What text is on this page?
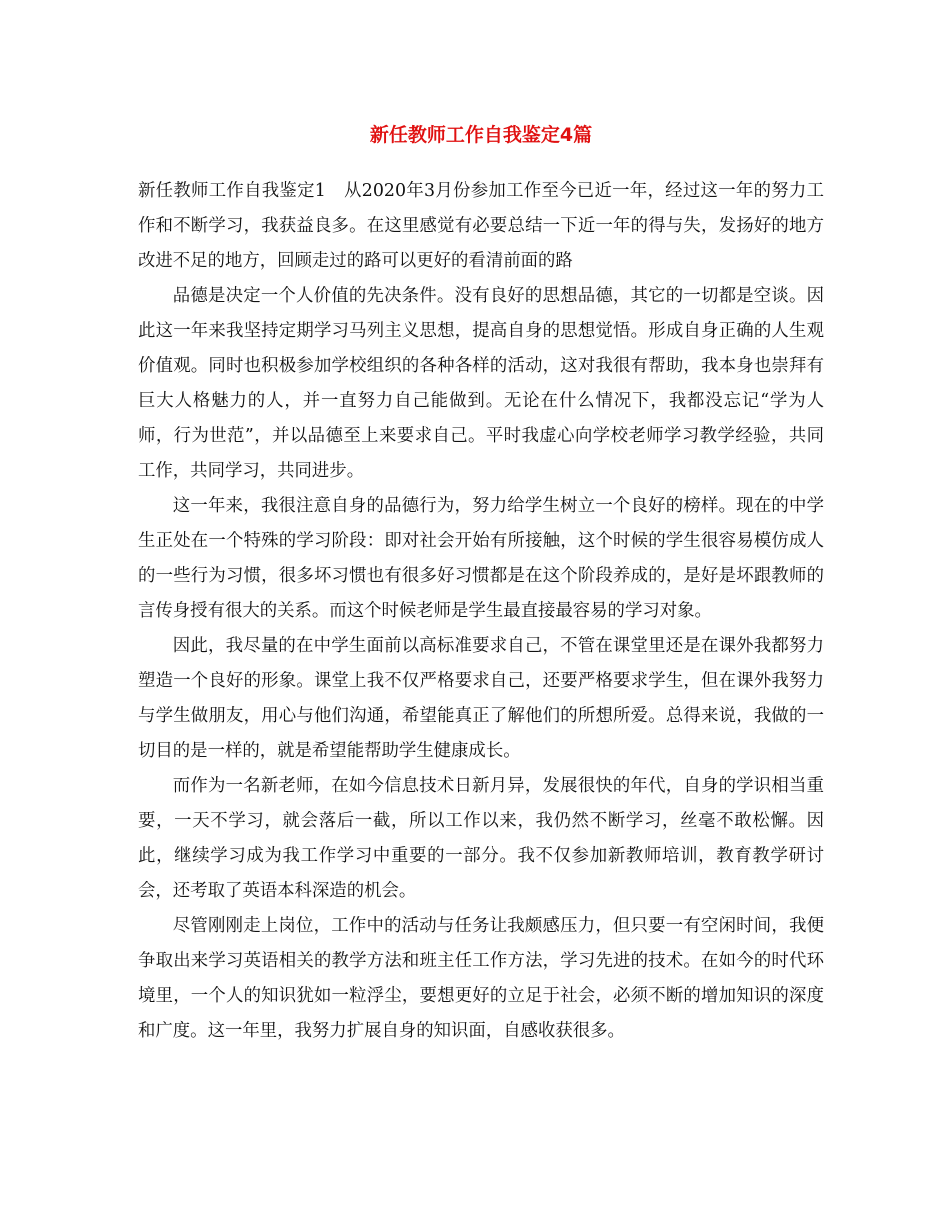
新任教师工作自我鉴定4篇

新任教师工作自我鉴定1 从2020年3月份参加工作至今已近一年，经过这一年的努力工作和不断学习，我获益良多。在这里感觉有必要总结一下近一年的得与失，发扬好的地方改进不足的地方，回顾走过的路可以更好的看清前面的路

品德是决定一个人价值的先决条件。没有良好的思想品德，其它的一切都是空谈。因此这一年来我坚持定期学习马列主义思想，提高自身的思想觉悟。形成自身正确的人生观价值观。同时也积极参加学校组织的各种各样的活动，这对我很有帮助，我本身也崇拜有巨大人格魅力的人，并一直努力自己能做到。无论在什么情况下，我都没忘记“学为人师，行为世范”，并以品德至上来要求自己。平时我虚心向学校老师学习教学经验，共同工作，共同学习，共同进步。

这一年来，我很注意自身的品德行为，努力给学生树立一个良好的榜样。现在的中学生正处在一个特殊的学习阶段：即对社会开始有所接触，这个时候的学生很容易模仿成人的一些行为习惯，很多坏习惯也有很多好习惯都是在这个阶段养成的，是好是坏跟教师的言传身授有很大的关系。而这个时候老师是学生最直接最容易的学习对象。

因此，我尽量的在中学生面前以高标准要求自己，不管在课堂里还是在课外我都努力塑造一个良好的形象。课堂上我不仅严格要求自己，还要严格要求学生，但在课外我努力与学生做朋友，用心与他们沟通，希望能真正了解他们的所想所爱。总得来说，我做的一切目的是一样的，就是希望能帮助学生健康成长。

而作为一名新老师，在如今信息技术日新月异，发展很快的年代，自身的学识相当重要，一天不学习，就会落后一截，所以工作以来，我仍然不断学习，丝毫不敢松懈。因此，继续学习成为我工作学习中重要的一部分。我不仅参加新教师培训，教育教学研讨会，还考取了英语本科深造的机会。

尽管刚刚走上岗位，工作中的活动与任务让我颇感压力，但只要一有空闲时间，我便争取出来学习英语相关的教学方法和班主任工作方法，学习先进的技术。在如今的时代环境里，一个人的知识犹如一粒浮尘，要想更好的立足于社会，必须不断的增加知识的深度和广度。这一年里，我努力扩展自身的知识面，自感收获很多。
